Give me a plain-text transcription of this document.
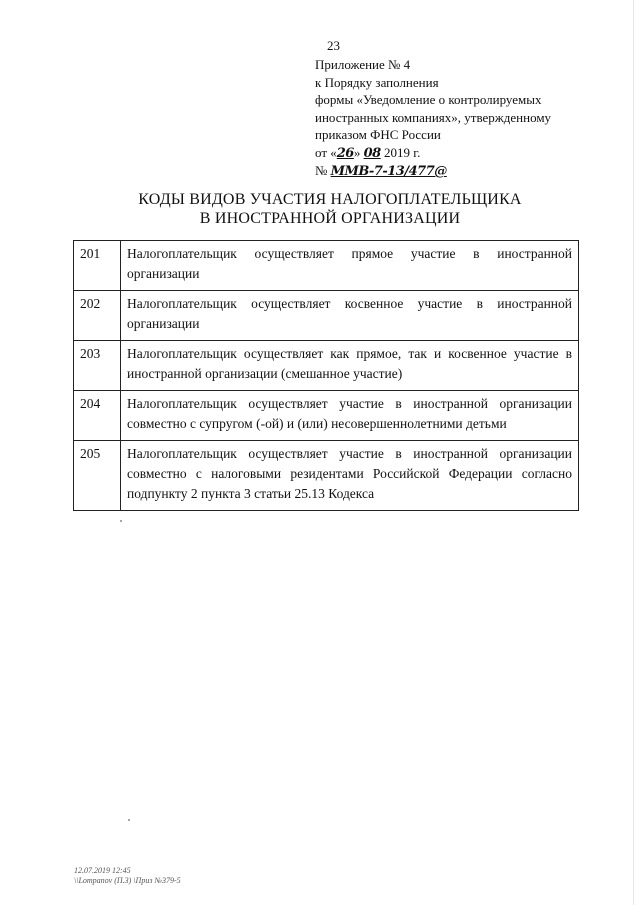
23
Приложение № 4
к Порядку заполнения
формы «Уведомление о контролируемых
иностранных компаниях», утвержденному
приказом ФНС России
от «26» 08 2019 г.
№ ММВ-7-13/477@
КОДЫ ВИДОВ УЧАСТИЯ НАЛОГОПЛАТЕЛЬЩИКА
В ИНОСТРАННОЙ ОРГАНИЗАЦИИ
201	Налогоплательщик осуществляет прямое участие в иностранной организации
202	Налогоплательщик осуществляет косвенное участие в иностранной организации
203	Налогоплательщик осуществляет как прямое, так и косвенное участие в иностранной организации (смешанное участие)
204	Налогоплательщик осуществляет участие в иностранной организации совместно с супругом (-ой) и (или) несовершеннолетними детьми
205	Налогоплательщик осуществляет участие в иностранной организации совместно с налоговыми резидентами Российской Федерации согласно подпункту 2 пункта 3 статьи 25.13 Кодекса
12.07.2019 12:45
\\Lompanov (П.3) \Приз №379-5
